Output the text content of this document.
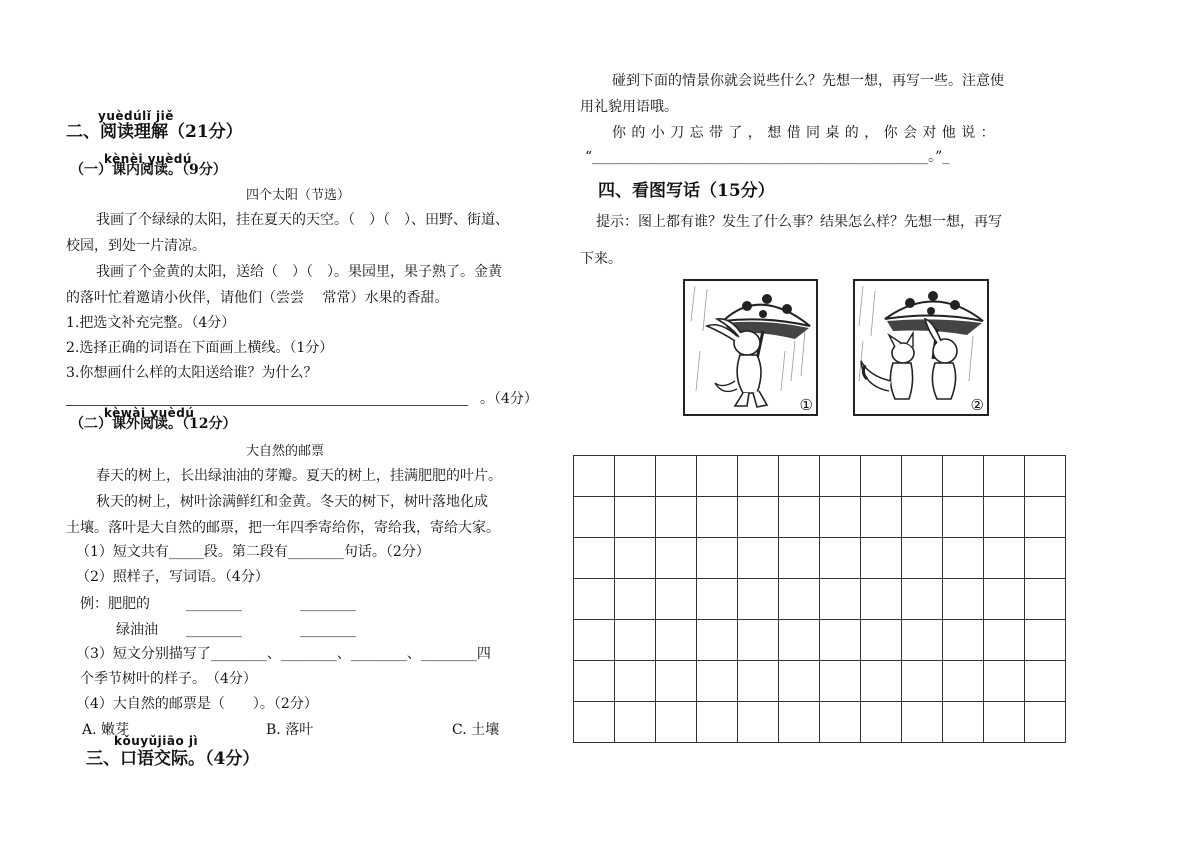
yuèdúlǐ jiě
二、阅读理解（21分）
kènèi yuèdú
（一）课内阅读。（9分）
四个太阳（节选）
我画了个绿绿的太阳，挂在夏天的天空。（　）（　）、田野、街道、
校园，到处一片清凉。
我画了个金黄的太阳，送给（　）（　）。果园里，果子熟了。金黄
的落叶忙着邀请小伙伴，请他们（尝尝　 常常）水果的香甜。
1.把选文补充完整。（4分）
2.选择正确的词语在下面画上横线。（1分）
3.你想画什么样的太阳送给谁？为什么？
。（4分）
kèwài yuèdú
（二）课外阅读。（12分）
大自然的邮票
春天的树上，长出绿油油的芽瓣。夏天的树上，挂满肥肥的叶片。
秋天的树上，树叶涂满鲜红和金黄。冬天的树下，树叶落地化成
土壤。落叶是大自然的邮票，把一年四季寄给你，寄给我，寄给大家。
（1）短文共有_____段。第二段有________句话。（2分）
（2）照样子，写词语。（4分）
例：肥肥的	________	________
绿油油 ________	________
（3）短文分别描写了________、________、________、________四
个季节树叶的样子。　（4分）
（4）大自然的邮票是（　　）。（2分）
A. 嫩芽	B. 落叶	C. 土壤
kǒuyǔjiāo jì
三、口语交际。（4分）
碰到下面的情景你就会说些什么？先想一想，再写一些。注意使
用礼貌用语哦。
你的小刀忘带了，想借同桌的，你会对他说：
“________________________________________________。”_
四、看图写话（15分）
提示：图上都有谁？发生了什么事？结果怎么样？先想一想，再写
下来。
①	②
